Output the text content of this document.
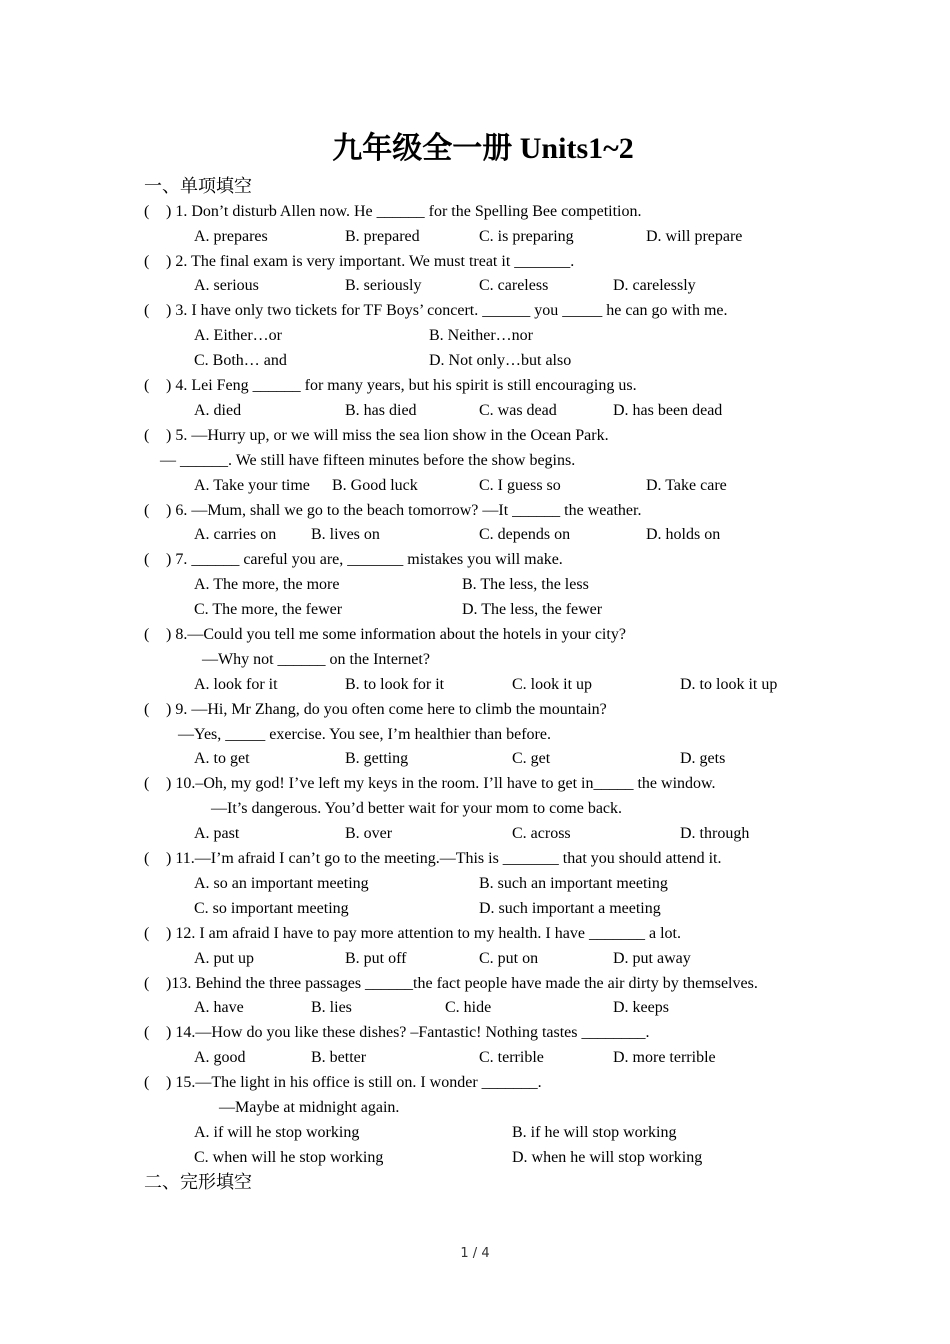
九年级全一册 Units1~2
一、单项填空
( ) 1. Don’t disturb Allen now. He ______ for the Spelling Bee competition.
A. prepares	B. prepared	C. is preparing	D. will prepare
( ) 2. The final exam is very important. We must treat it _______.
A. serious	B. seriously	C. careless	D. carelessly
( ) 3. I have only two tickets for TF Boys’ concert. ______ you _____ he can go with me.
A. Either…or	B. Neither…nor
C. Both… and	D. Not only…but also
( ) 4. Lei Feng ______ for many years, but his spirit is still encouraging us.
A. died	B. has died	C. was dead	D. has been dead
( ) 5. —Hurry up, or we will miss the sea lion show in the Ocean Park.
— ______. We still have fifteen minutes before the show begins.
A. Take your time B. Good luck	C. I guess so	D. Take care
( ) 6. —Mum, shall we go to the beach tomorrow? —It ______ the weather.
A. carries on B. lives on	C. depends on	D. holds on
( ) 7. ______ careful you are, _______ mistakes you will make.
A. The more, the more	B. The less, the less
C. The more, the fewer	D. The less, the fewer
( ) 8.—Could you tell me some information about the hotels in your city?
—Why not ______ on the Internet?
A. look for it	B. to look for it	C. look it up	D. to look it up
( ) 9. —Hi, Mr Zhang, do you often come here to climb the mountain?
—Yes, _____ exercise. You see, I’m healthier than before.
A. to get	B. getting	C. get	D. gets
( ) 10.–Oh, my god! I’ve left my keys in the room. I’ll have to get in_____ the window.
—It’s dangerous. You’d better wait for your mom to come back.
A. past	B. over	C. across	D. through
( ) 11.—I’m afraid I can’t go to the meeting.—This is _______ that you should attend it.
A. so an important meeting	B. such an important meeting
C. so important meeting	D. such important a meeting
( ) 12. I am afraid I have to pay more attention to my health. I have _______ a lot.
A. put up	B. put off	C. put on	D. put away
( )13. Behind the three passages ______the fact people have made the air dirty by themselves.
A. have	B. lies	C. hide	D. keeps
( ) 14.—How do you like these dishes? –Fantastic! Nothing tastes ________.
A. good	B. better	C. terrible	D. more terrible
( ) 15.—The light in his office is still on. I wonder _______.
—Maybe at midnight again.
A. if will he stop working	B. if he will stop working
C. when will he stop working	D. when he will stop working
二、完形填空
1 / 4
